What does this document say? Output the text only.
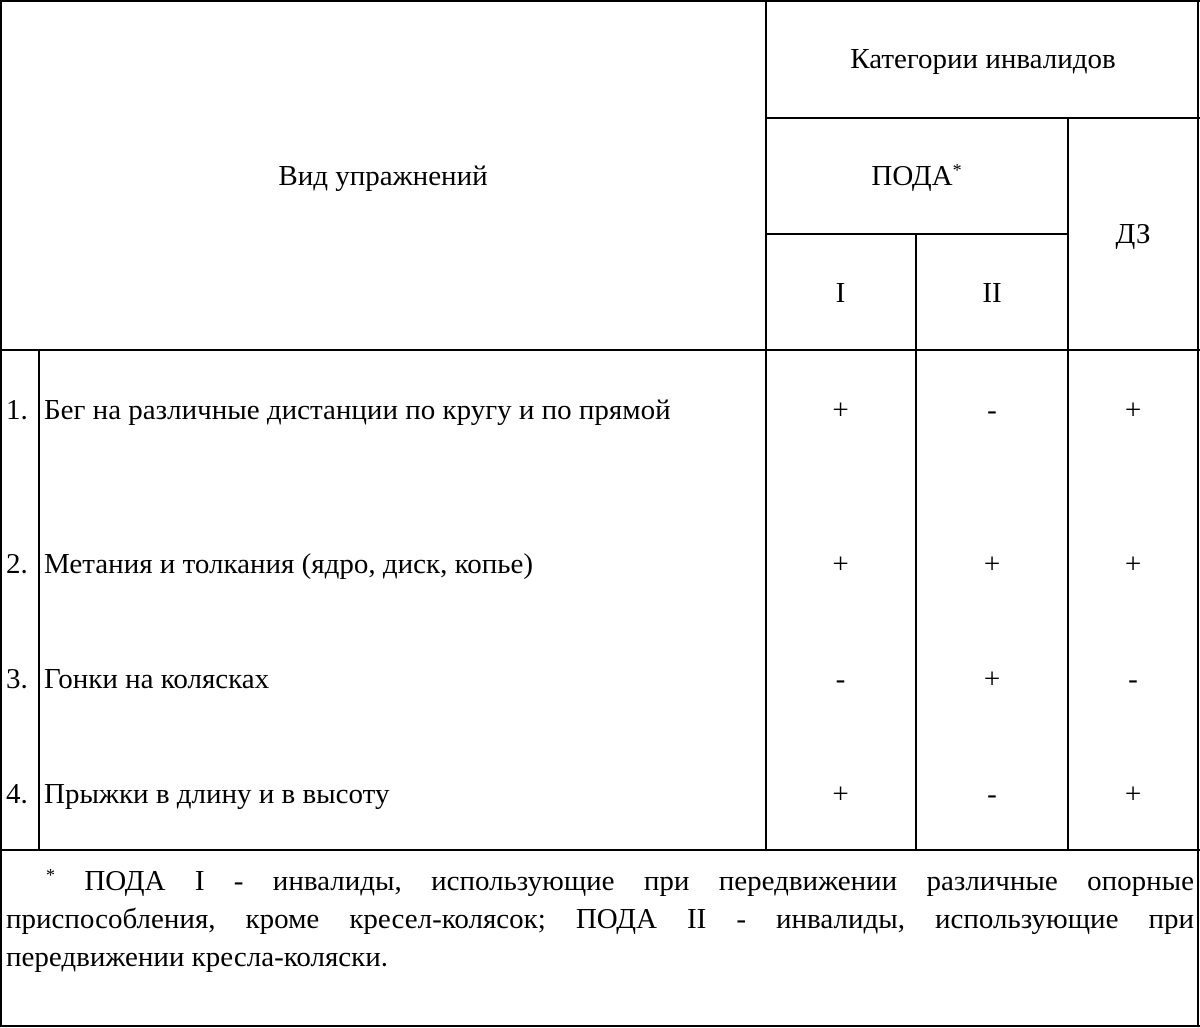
Вид упражнений
Категории инвалидов
ПОДА*
ДЗ
I	II
1. Бег на различные дистанции по кругу и по прямой	+	-	+
2. Метания и толкания (ядро, диск, копье)	+	+	+
3. Гонки на колясках	-	+	-
4. Прыжки в длину и в высоту	+	-	+
* ПОДА I - инвалиды, использующие при передвижении различные опорные приспособления, кроме кресел-колясок; ПОДА II - инвалиды, использующие при передвижении кресла-коляски.
